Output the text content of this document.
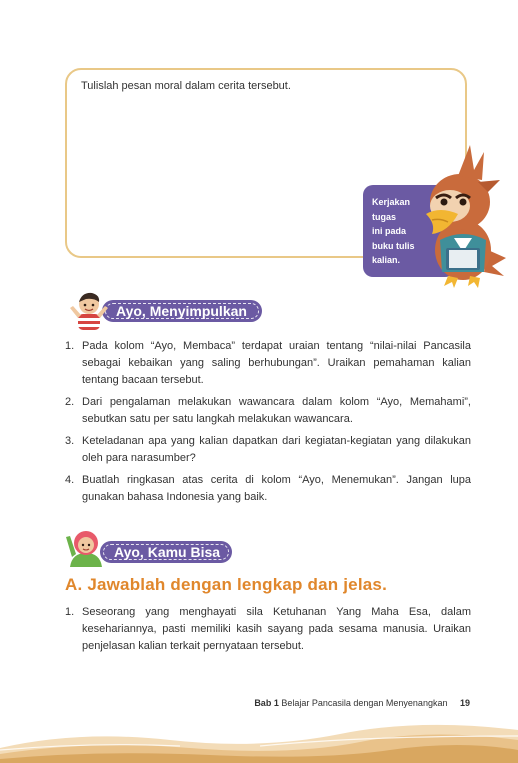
Tulislah pesan moral dalam cerita tersebut.
Kerjakan
tugas
ini pada
buku tulis
kalian.
Ayo, Menyimpulkan
1. Pada kolom “Ayo, Membaca” terdapat uraian tentang “nilai-nilai Pancasila sebagai kebaikan yang saling berhubungan”. Uraikan pemahaman kalian tentang bacaan tersebut.
2. Dari pengalaman melakukan wawancara dalam kolom “Ayo, Memahami”, sebutkan satu per satu langkah melakukan wawancara.
3. Keteladanan apa yang kalian dapatkan dari kegiatan-kegiatan yang dilakukan oleh para narasumber?
4. Buatlah ringkasan atas cerita di kolom “Ayo, Menemukan”. Jangan lupa gunakan bahasa Indonesia yang baik.
Ayo, Kamu Bisa
A. Jawablah dengan lengkap dan jelas.
1. Seseorang yang menghayati sila Ketuhanan Yang Maha Esa, dalam kesehariannya, pasti memiliki kasih sayang pada sesama manusia. Uraikan penjelasan kalian terkait pernyataan tersebut.
Bab 1 Belajar Pancasila dengan Menyenangkan 19
